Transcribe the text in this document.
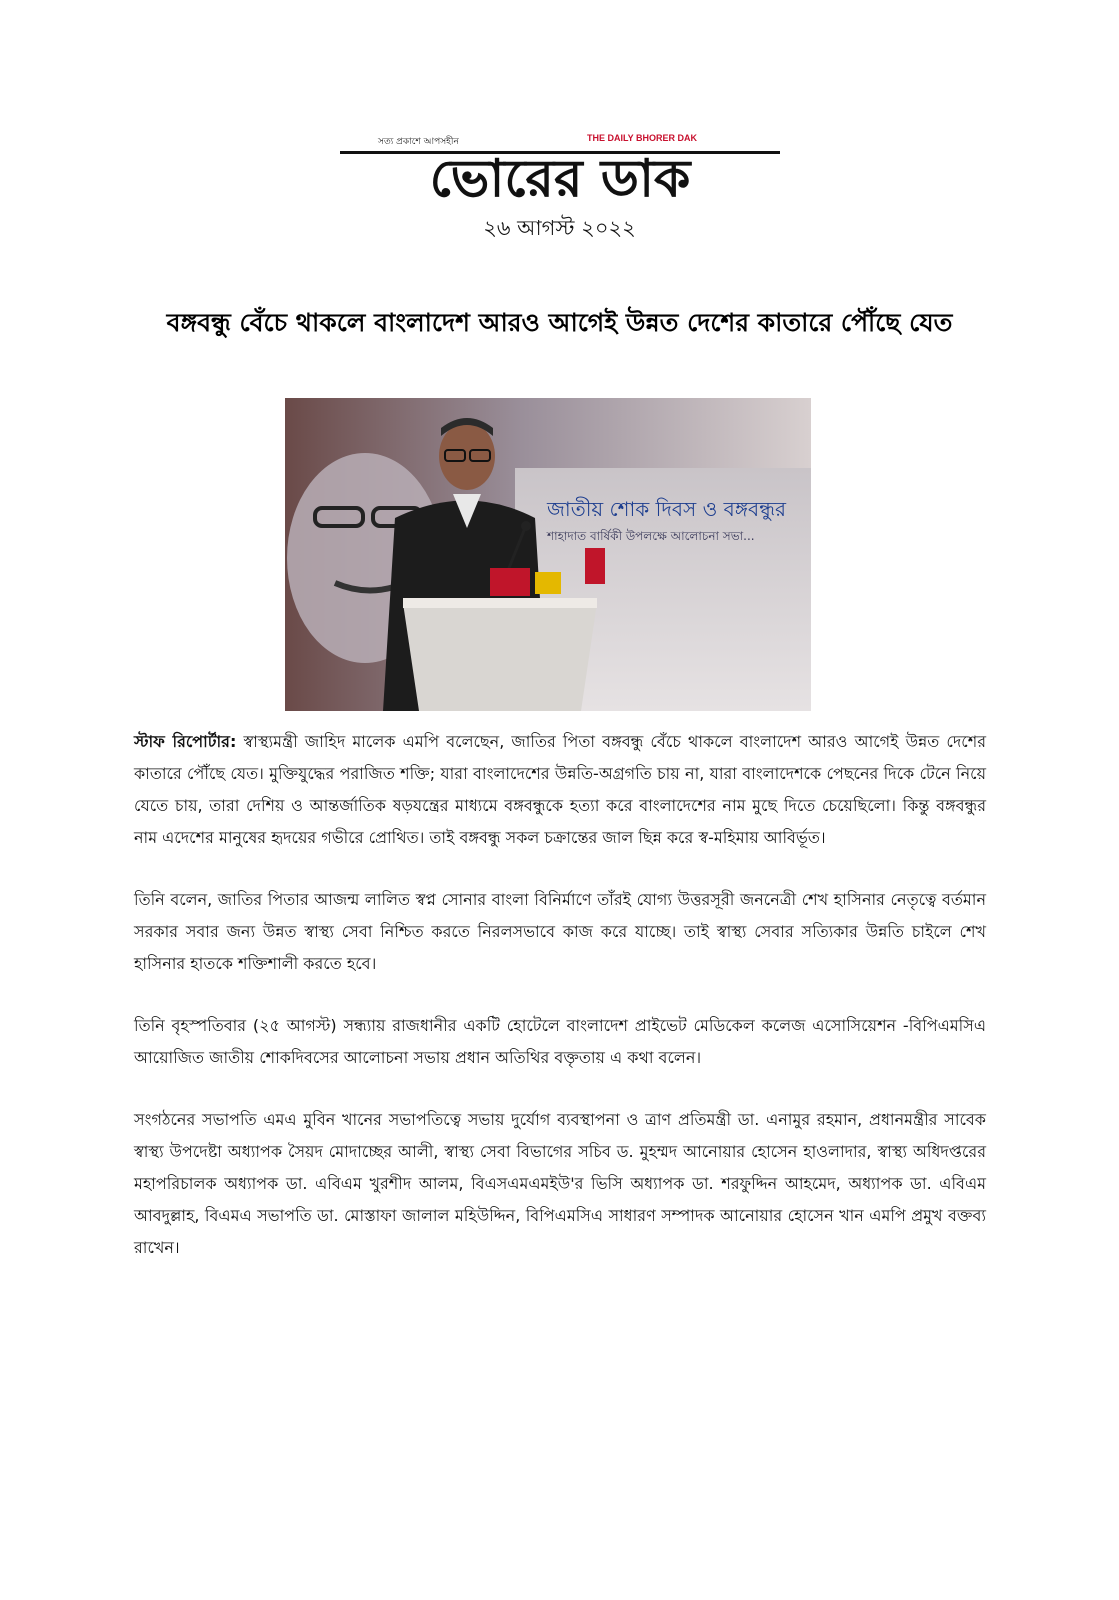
সত্য প্রকাশে আপসহীন	THE DAILY BHORER DAK
ভোরের ডাক
২৬ আগস্ট ২০২২
বঙ্গবন্ধু বেঁচে থাকলে বাংলাদেশ আরও আগেই উন্নত দেশের কাতারে পৌঁছে যেত
জাতীয় শোক দিবস ও বঙ্গবন্ধুর
শাহাদাত বার্ষিকী উপলক্ষে আলোচনা সভা...

স্টাফ রিপোর্টার: স্বাস্থ্যমন্ত্রী জাহিদ মালেক এমপি বলেছেন, জাতির পিতা বঙ্গবন্ধু বেঁচে থাকলে বাংলাদেশ আরও আগেই উন্নত দেশের কাতারে পৌঁছে যেত। মুক্তিযুদ্ধের পরাজিত শক্তি; যারা বাংলাদেশের উন্নতি-অগ্রগতি চায় না, যারা বাংলাদেশকে পেছনের দিকে টেনে নিয়ে যেতে চায়, তারা দেশিয় ও আন্তর্জাতিক ষড়যন্ত্রের মাধ্যমে বঙ্গবন্ধুকে হত্যা করে বাংলাদেশের নাম মুছে দিতে চেয়েছিলো। কিন্তু বঙ্গবন্ধুর নাম এদেশের মানুষের হৃদয়ের গভীরে প্রোথিত। তাই বঙ্গবন্ধু সকল চক্রান্তের জাল ছিন্ন করে স্ব-মহিমায় আবির্ভূত।

তিনি বলেন, জাতির পিতার আজন্ম লালিত স্বপ্ন সোনার বাংলা বিনির্মাণে তাঁরই যোগ্য উত্তরসূরী জননেত্রী শেখ হাসিনার নেতৃত্বে বর্তমান সরকার সবার জন্য উন্নত স্বাস্থ্য সেবা নিশ্চিত করতে নিরলসভাবে কাজ করে যাচ্ছে। তাই স্বাস্থ্য সেবার সত্যিকার উন্নতি চাইলে শেখ হাসিনার হাতকে শক্তিশালী করতে হবে।

তিনি বৃহস্পতিবার (২৫ আগস্ট) সন্ধ্যায় রাজধানীর একটি হোটেলে বাংলাদেশ প্রাইভেট মেডিকেল কলেজ এসোসিয়েশন -বিপিএমসিএ আয়োজিত জাতীয় শোকদিবসের আলোচনা সভায় প্রধান অতিথির বক্তৃতায় এ কথা বলেন।

সংগঠনের সভাপতি এমএ মুবিন খানের সভাপতিত্বে সভায় দুর্যোগ ব্যবস্থাপনা ও ত্রাণ প্রতিমন্ত্রী ডা. এনামুর রহমান, প্রধানমন্ত্রীর সাবেক স্বাস্থ্য উপদেষ্টা অধ্যাপক সৈয়দ মোদাচ্ছের আলী, স্বাস্থ্য সেবা বিভাগের সচিব ড. মুহম্মদ আনোয়ার হোসেন হাওলাদার, স্বাস্থ্য অধিদপ্তরের মহাপরিচালক অধ্যাপক ডা. এবিএম খুরশীদ আলম, বিএসএমএমইউ'র ভিসি অধ্যাপক ডা. শরফুদ্দিন আহমেদ, অধ্যাপক ডা. এবিএম আবদুল্লাহ, বিএমএ সভাপতি ডা. মোস্তাফা জালাল মহিউদ্দিন, বিপিএমসিএ সাধারণ সম্পাদক আনোয়ার হোসেন খান এমপি প্রমুখ বক্তব্য রাখেন।
